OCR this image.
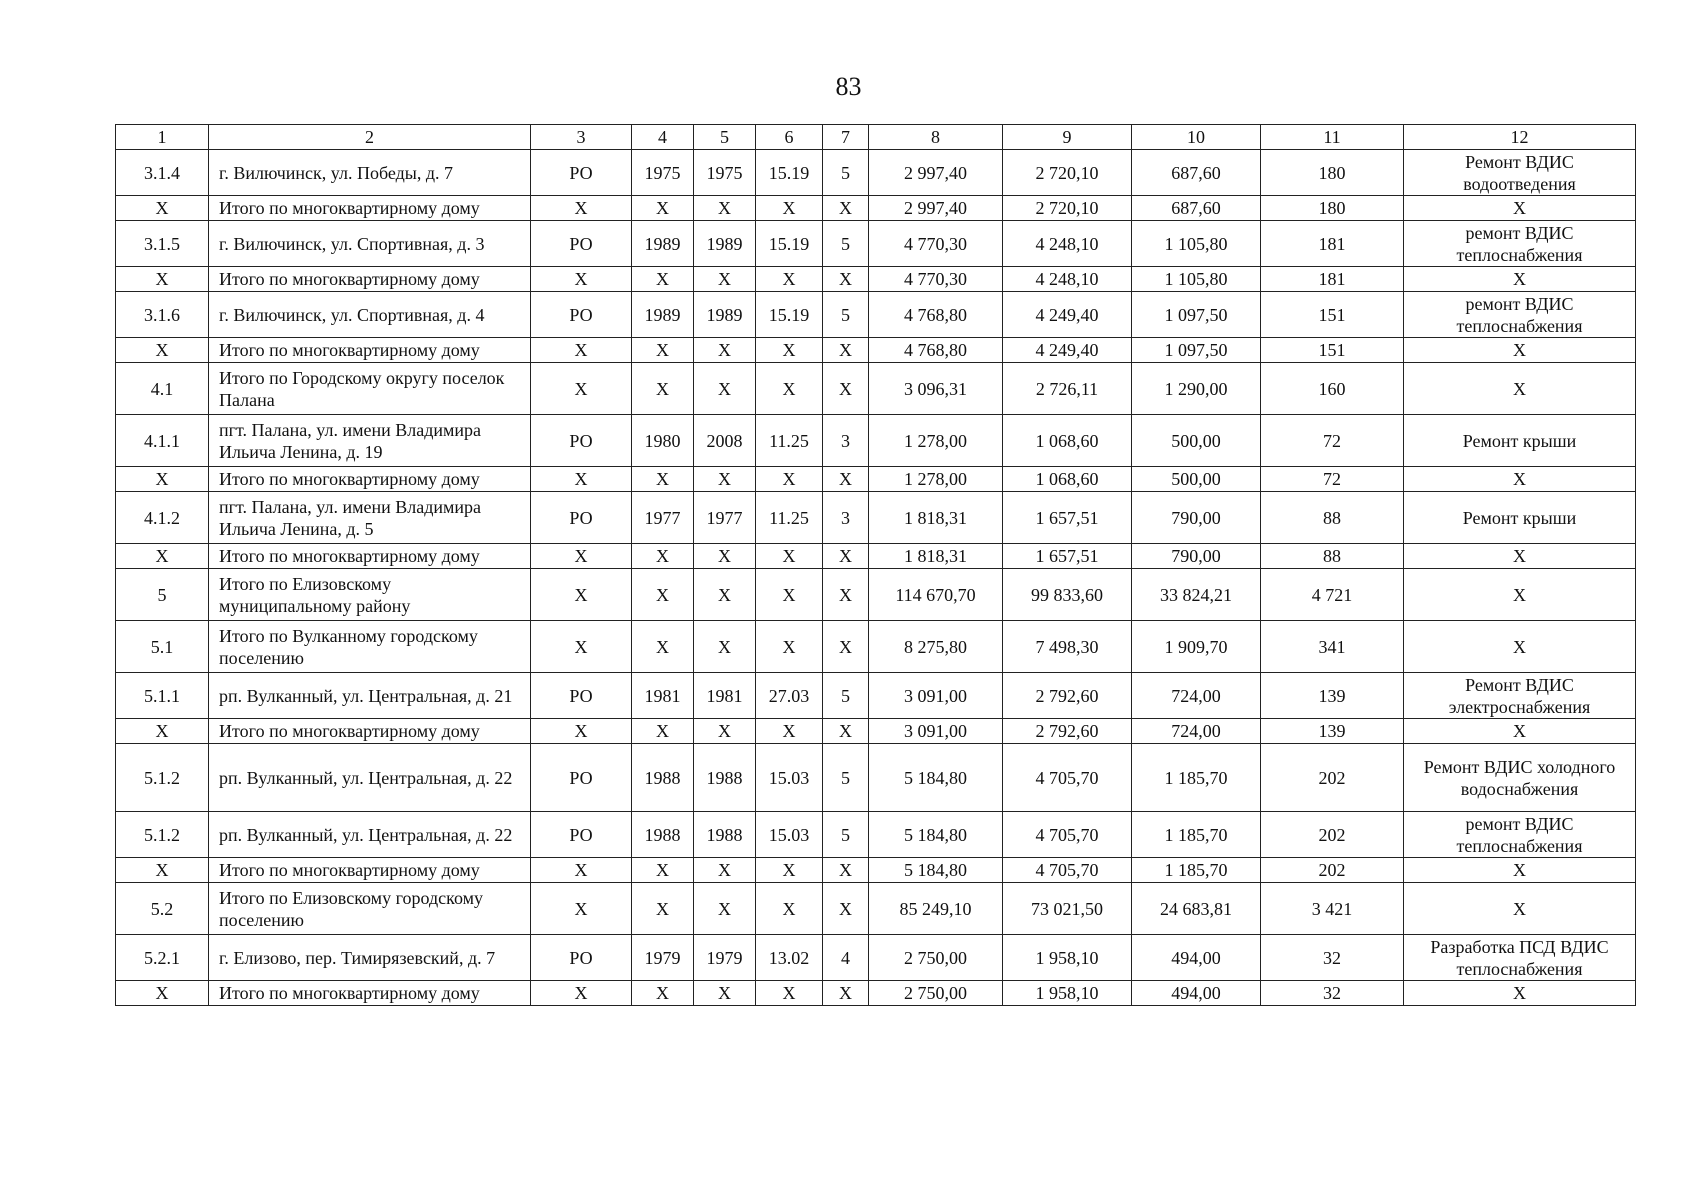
83
1	2	3	4	5	6	7	8	9	10	11	12
3.1.4	г. Вилючинск, ул. Победы, д. 7	РО	1975	1975	15.19	5	2 997,40	2 720,10	687,60	180	Ремонт ВДИС водоотведения
Х	Итого по многоквартирному дому	Х	Х	Х	Х	Х	2 997,40	2 720,10	687,60	180	Х
3.1.5	г. Вилючинск, ул. Спортивная, д. 3	РО	1989	1989	15.19	5	4 770,30	4 248,10	1 105,80	181	ремонт ВДИС теплоснабжения
Х	Итого по многоквартирному дому	Х	Х	Х	Х	Х	4 770,30	4 248,10	1 105,80	181	Х
3.1.6	г. Вилючинск, ул. Спортивная, д. 4	РО	1989	1989	15.19	5	4 768,80	4 249,40	1 097,50	151	ремонт ВДИС теплоснабжения
Х	Итого по многоквартирному дому	Х	Х	Х	Х	Х	4 768,80	4 249,40	1 097,50	151	Х
4.1	Итого по Городскому округу поселок Палана	Х	Х	Х	Х	Х	3 096,31	2 726,11	1 290,00	160	Х
4.1.1	пгт. Палана, ул. имени Владимира Ильича Ленина, д. 19	РО	1980	2008	11.25	3	1 278,00	1 068,60	500,00	72	Ремонт крыши
Х	Итого по многоквартирному дому	Х	Х	Х	Х	Х	1 278,00	1 068,60	500,00	72	Х
4.1.2	пгт. Палана, ул. имени Владимира Ильича Ленина, д. 5	РО	1977	1977	11.25	3	1 818,31	1 657,51	790,00	88	Ремонт крыши
Х	Итого по многоквартирному дому	Х	Х	Х	Х	Х	1 818,31	1 657,51	790,00	88	Х
5	Итого по Елизовскому муниципальному району	Х	Х	Х	Х	Х	114 670,70	99 833,60	33 824,21	4 721	Х
5.1	Итого по Вулканному городскому поселению	Х	Х	Х	Х	Х	8 275,80	7 498,30	1 909,70	341	Х
5.1.1	рп. Вулканный, ул. Центральная, д. 21	РО	1981	1981	27.03	5	3 091,00	2 792,60	724,00	139	Ремонт ВДИС электроснабжения
Х	Итого по многоквартирному дому	Х	Х	Х	Х	Х	3 091,00	2 792,60	724,00	139	Х
5.1.2	рп. Вулканный, ул. Центральная, д. 22	РО	1988	1988	15.03	5	5 184,80	4 705,70	1 185,70	202	Ремонт ВДИС холодного водоснабжения
5.1.2	рп. Вулканный, ул. Центральная, д. 22	РО	1988	1988	15.03	5	5 184,80	4 705,70	1 185,70	202	ремонт ВДИС теплоснабжения
Х	Итого по многоквартирному дому	Х	Х	Х	Х	Х	5 184,80	4 705,70	1 185,70	202	Х
5.2	Итого по Елизовскому городскому поселению	Х	Х	Х	Х	Х	85 249,10	73 021,50	24 683,81	3 421	Х
5.2.1	г. Елизово, пер. Тимирязевский, д. 7	РО	1979	1979	13.02	4	2 750,00	1 958,10	494,00	32	Разработка ПСД ВДИС теплоснабжения
Х	Итого по многоквартирному дому	Х	Х	Х	Х	Х	2 750,00	1 958,10	494,00	32	Х
